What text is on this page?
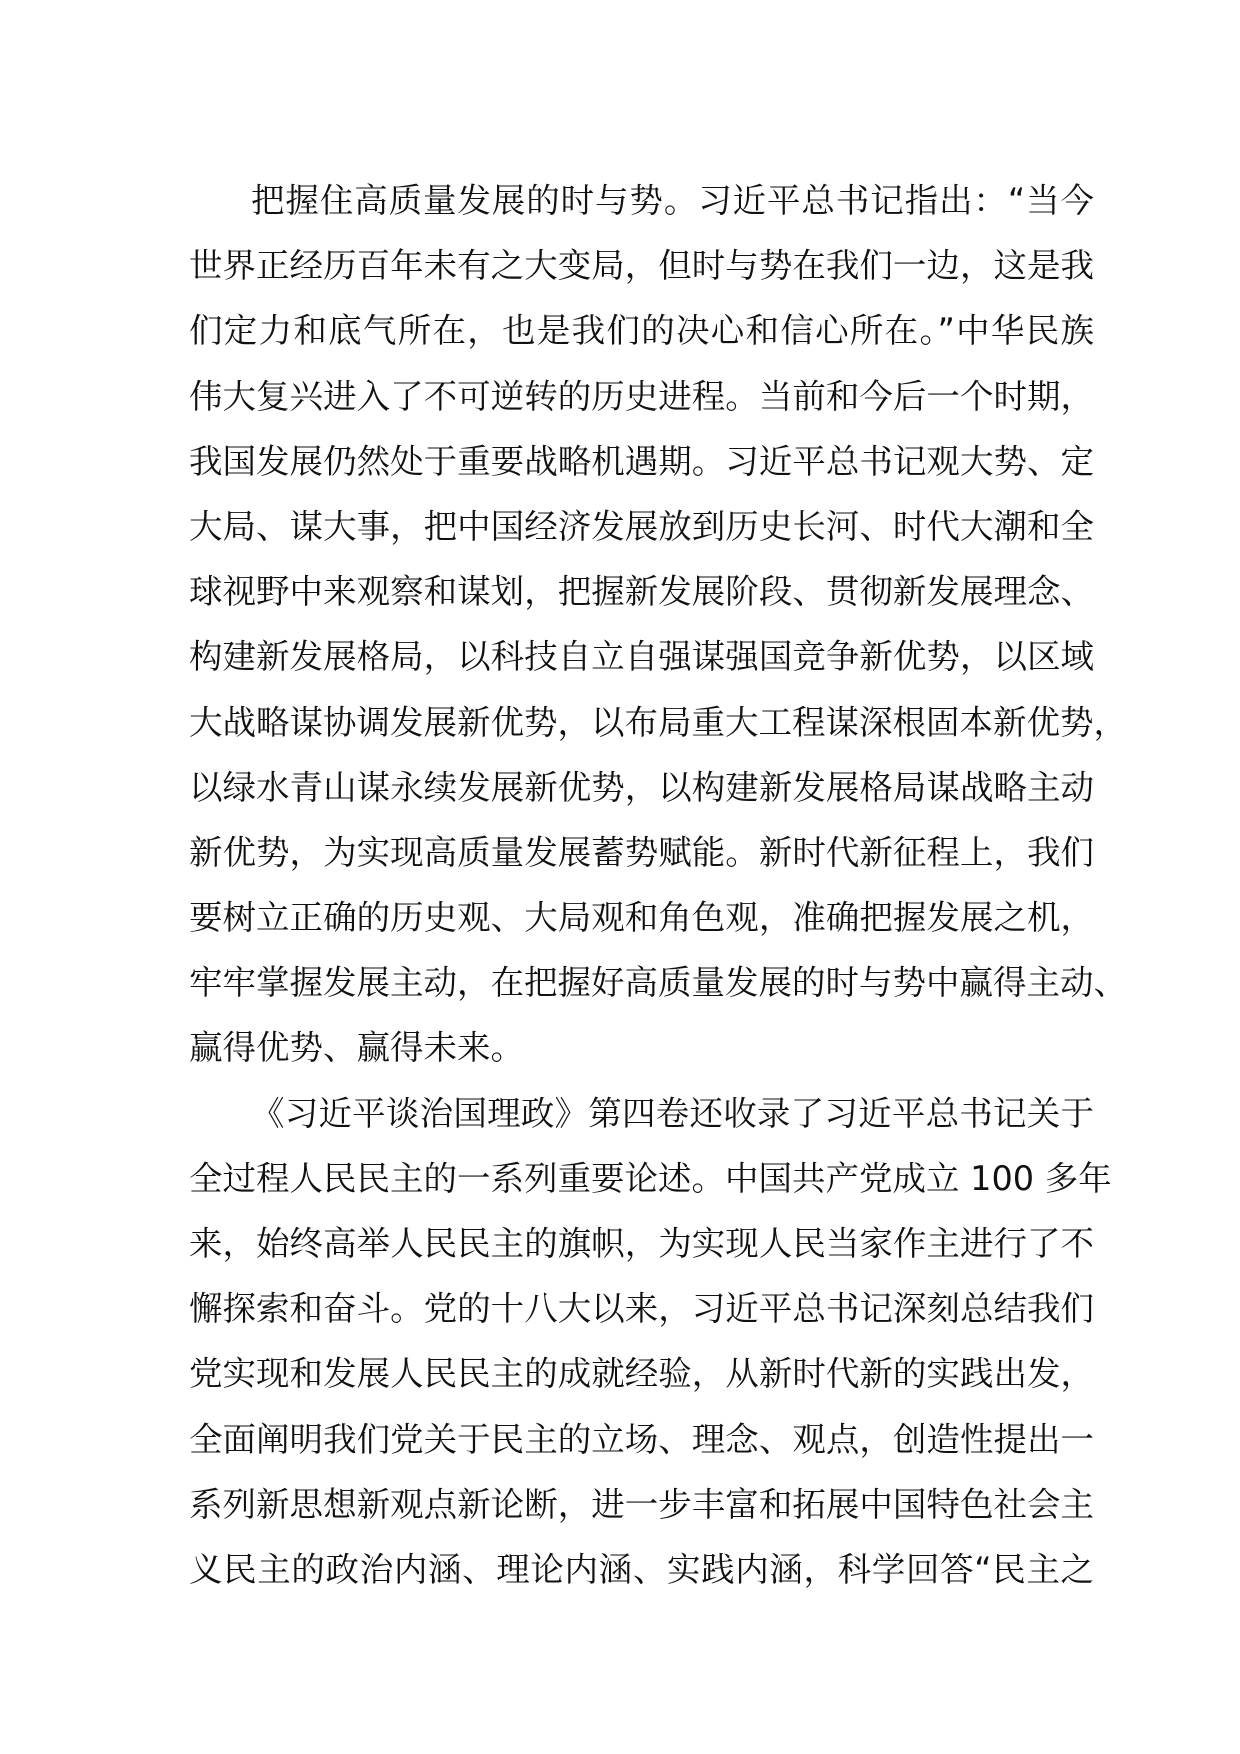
把握住高质量发展的时与势。习近平总书记指出：“当今
世界正经历百年未有之大变局，但时与势在我们一边，这是我
们定力和底气所在，也是我们的决心和信心所在。”中华民族
伟大复兴进入了不可逆转的历史进程。当前和今后一个时期，
我国发展仍然处于重要战略机遇期。习近平总书记观大势、定
大局、谋大事，把中国经济发展放到历史长河、时代大潮和全
球视野中来观察和谋划，把握新发展阶段、贯彻新发展理念、
构建新发展格局，以科技自立自强谋强国竞争新优势，以区域
大战略谋协调发展新优势，以布局重大工程谋深根固本新优势，
以绿水青山谋永续发展新优势，以构建新发展格局谋战略主动
新优势，为实现高质量发展蓄势赋能。新时代新征程上，我们
要树立正确的历史观、大局观和角色观，准确把握发展之机，
牢牢掌握发展主动，在把握好高质量发展的时与势中赢得主动、
赢得优势、赢得未来。
《习近平谈治国理政》第四卷还收录了习近平总书记关于
全过程人民民主的一系列重要论述。中国共产党成立 100 多年
来，始终高举人民民主的旗帜，为实现人民当家作主进行了不
懈探索和奋斗。党的十八大以来，习近平总书记深刻总结我们
党实现和发展人民民主的成就经验，从新时代新的实践出发，
全面阐明我们党关于民主的立场、理念、观点，创造性提出一
系列新思想新观点新论断，进一步丰富和拓展中国特色社会主
义民主的政治内涵、理论内涵、实践内涵，科学回答“民主之
